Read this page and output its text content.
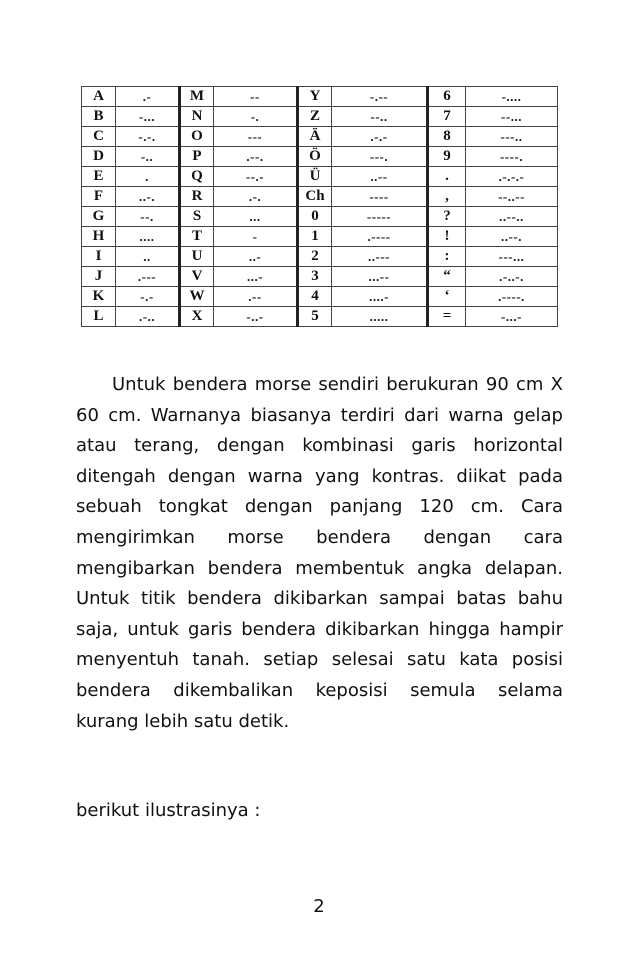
A	.-	M	--	Y	-.--	6	-....
B	-...	N	-.	Z	--..	7	--...
C	-.-.	O	---	Ä	.-.-	8	---..
D	-..	P	.--.	Ö	---.	9	----.
E	.	Q	--.-	Ü	..--	.	.-.-.-
F	..-.	R	.-.	Ch	----	,	--..--
G	--.	S	...	0	-----	?	..--..
H	....	T	-	1	.----	!	..--.
I	..	U	..-	2	..---	:	---...
J	.---	V	...-	3	...--	“	.-..-.
K	-.-	W	.--	4	....-	‘	.----.
L	.-..	X	-..-	5	.....	=	-...-

Untuk bendera morse sendiri berukuran 90 cm X 60 cm. Warnanya biasanya terdiri dari warna gelap atau terang, dengan kombinasi garis horizontal ditengah dengan warna yang kontras. diikat pada sebuah tongkat dengan panjang 120 cm. Cara mengirimkan morse bendera dengan cara mengibarkan bendera membentuk angka delapan. Untuk titik bendera dikibarkan sampai batas bahu saja, untuk garis bendera dikibarkan hingga hampir menyentuh tanah. setiap selesai satu kata posisi bendera dikembalikan keposisi semula selama kurang lebih satu detik.

berikut ilustrasinya :
2
